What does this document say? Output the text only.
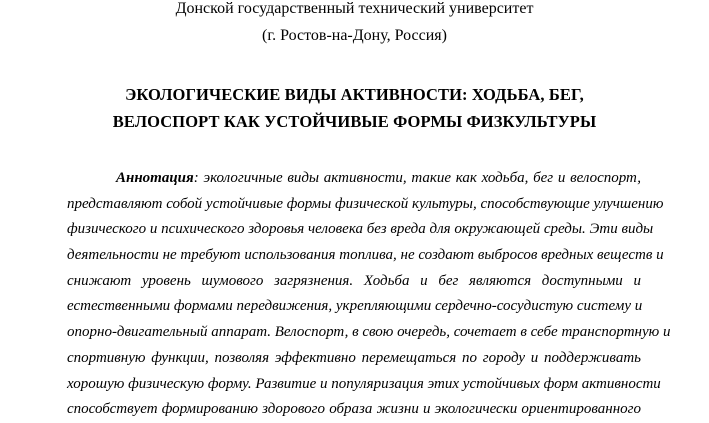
Донской государственный технический университет
(г. Ростов-на-Дону, Россия)
ЭКОЛОГИЧЕСКИЕ ВИДЫ АКТИВНОСТИ: ХОДЬБА, БЕГ,
ВЕЛОСПОРТ КАК УСТОЙЧИВЫЕ ФОРМЫ ФИЗКУЛЬТУРЫ
Аннотация: экологичные виды активности, такие как ходьба, бег и велоспорт,
представляют собой устойчивые формы физической культуры, способствующие улучшению
физического и психического здоровья человека без вреда для окружающей среды. Эти виды
деятельности не требуют использования топлива, не создают выбросов вредных веществ и
снижают уровень шумового загрязнения. Ходьба и бег являются доступными и
естественными формами передвижения, укрепляющими сердечно-сосудистую систему и
опорно-двигательный аппарат. Велоспорт, в свою очередь, сочетает в себе транспортную и
спортивную функции, позволяя эффективно перемещаться по городу и поддерживать
хорошую физическую форму. Развитие и популяризация этих устойчивых форм активности
способствует формированию здорового образа жизни и экологически ориентированного
